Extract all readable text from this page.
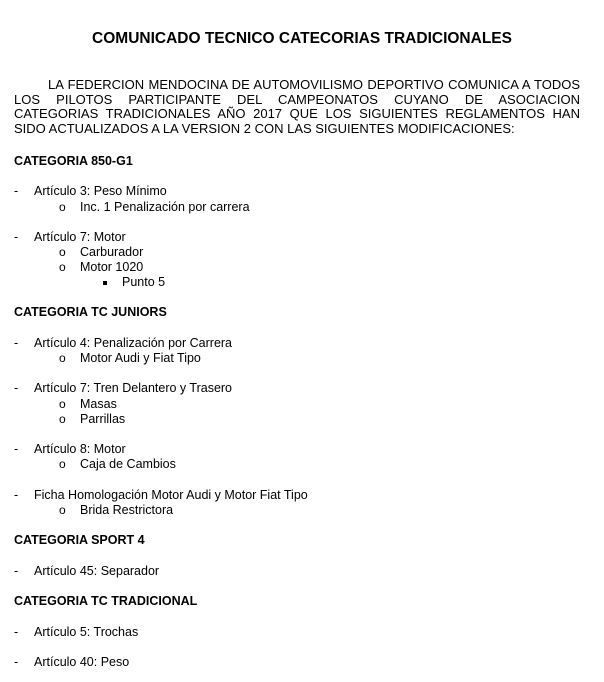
COMUNICADO TECNICO CATECORIAS TRADICIONALES
LA FEDERCION MENDOCINA DE AUTOMOVILISMO DEPORTIVO COMUNICA A TODOS LOS PILOTOS PARTICIPANTE DEL CAMPEONATOS CUYANO DE ASOCIACION CATEGORIAS TRADICIONALES AÑO 2017 QUE LOS SIGUIENTES REGLAMENTOS HAN SIDO ACTUALIZADOS A LA VERSION 2 CON LAS SIGUIENTES MODIFICACIONES:
CATEGORIA 850-G1
- Artículo 3: Peso Mínimo
o Inc. 1 Penalización por carrera
- Artículo 7: Motor
o Carburador
o Motor 1020
Punto 5
CATEGORIA TC JUNIORS
- Artículo 4: Penalización por Carrera
o Motor Audi y Fiat Tipo
- Artículo 7: Tren Delantero y Trasero
o Masas
o Parrillas
- Artículo 8: Motor
o Caja de Cambios
- Ficha Homologación Motor Audi y Motor Fiat Tipo
o Brida Restrictora
CATEGORIA SPORT 4
- Artículo 45: Separador
CATEGORIA TC TRADICIONAL
- Artículo 5: Trochas
- Artículo 40: Peso
